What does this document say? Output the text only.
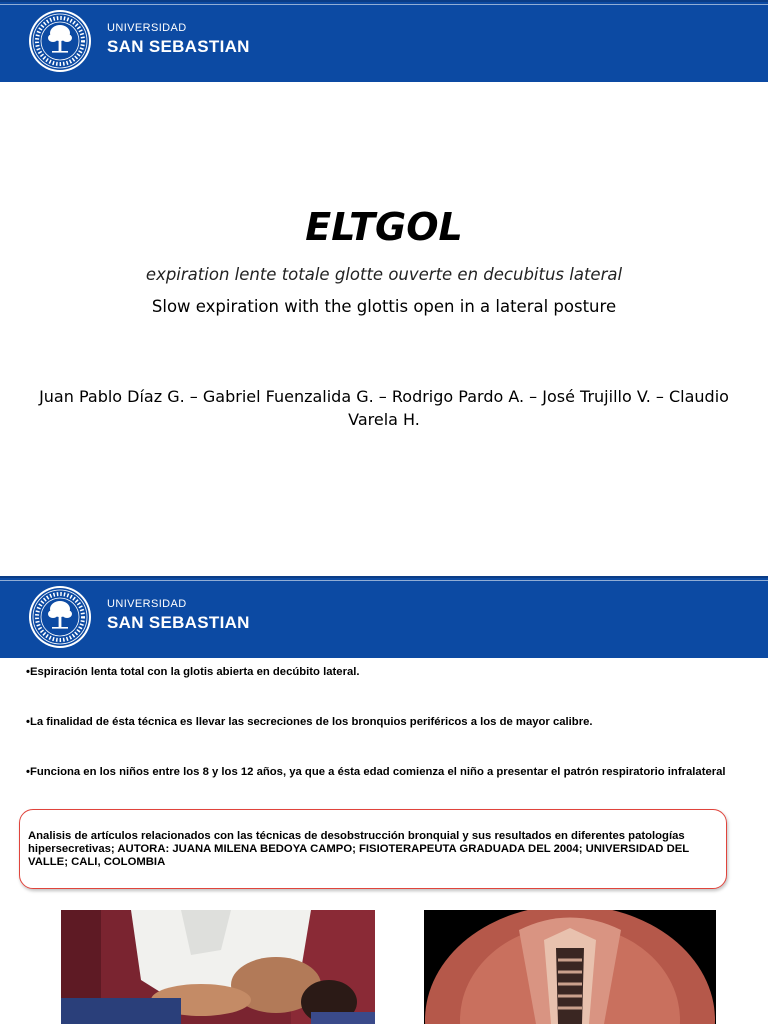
UNIVERSIDAD
SAN SEBASTIAN
ELTGOL
expiration lente totale glotte ouverte en decubitus lateral
Slow expiration with the glottis open in a lateral posture
Juan Pablo Díaz G. – Gabriel Fuenzalida G. – Rodrigo Pardo A. – José Trujillo V. – Claudio Varela H.
UNIVERSIDAD
SAN SEBASTIAN
•Espiración lenta total con la glotis abierta en decúbito lateral.
•La finalidad de ésta técnica es llevar las secreciones de los bronquios periféricos a los de mayor calibre.
•Funciona en los niños entre los 8 y los 12 años, ya que a ésta edad comienza el niño a presentar el patrón respiratorio infralateral
Analisis de artículos relacionados con las técnicas de desobstrucción bronquial y sus resultados en diferentes patologías hipersecretivas; AUTORA: JUANA MILENA BEDOYA CAMPO; FISIOTERAPEUTA GRADUADA DEL 2004; UNIVERSIDAD DEL VALLE; CALI, COLOMBIA
